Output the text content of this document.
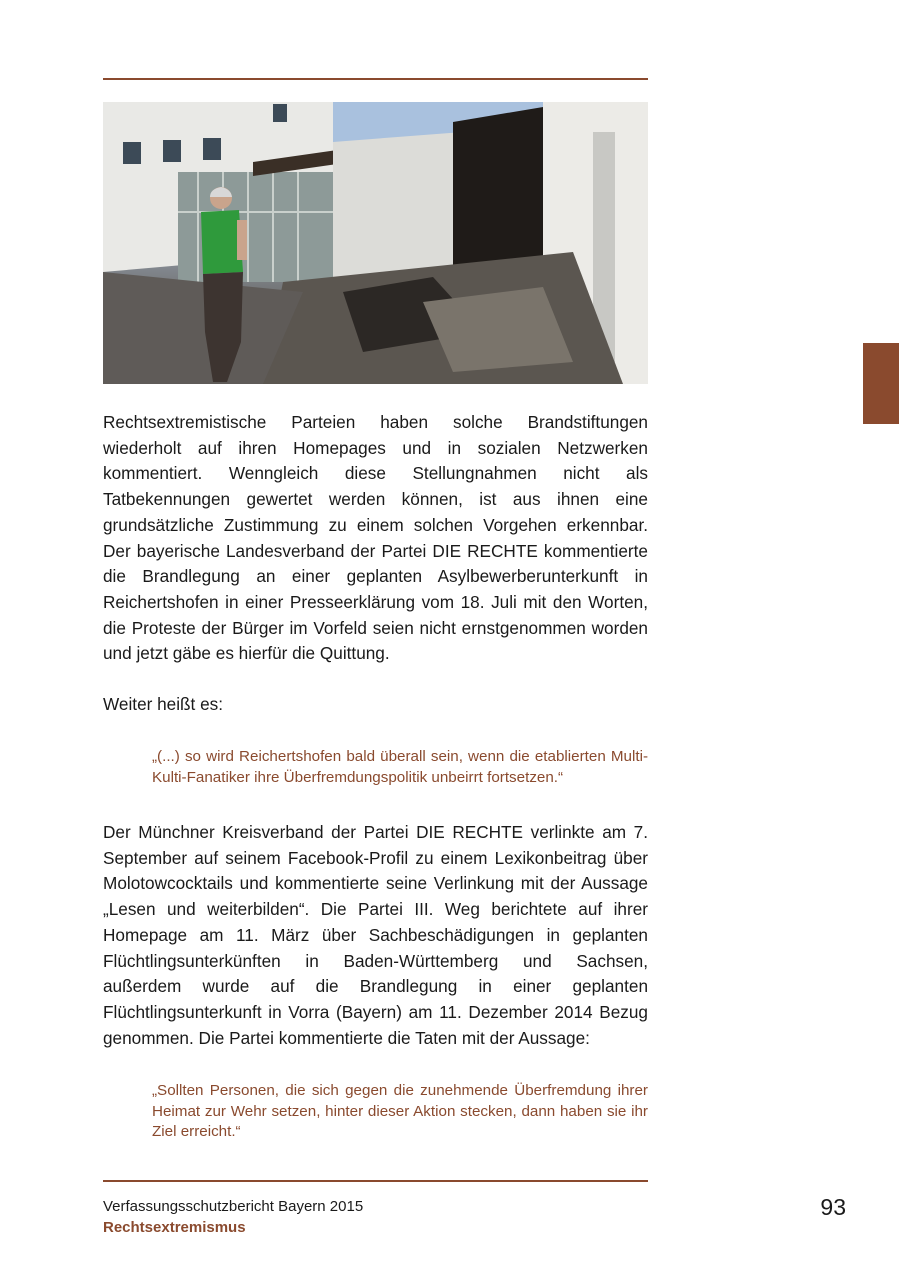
Rechtsextremistische Parteien haben solche Brandstiftungen wiederholt auf ihren Homepages und in sozialen Netzwerken kommentiert. Wenngleich diese Stellungnahmen nicht als Tatbekennungen gewertet werden können, ist aus ihnen eine grundsätzliche Zustimmung zu einem solchen Vorgehen erkennbar. Der bayerische Landesverband der Partei DIE RECHTE kommentierte die Brandlegung an einer geplanten Asylbewerberunterkunft in Reichertshofen in einer Presseerklärung vom 18. Juli mit den Worten, die Proteste der Bürger im Vorfeld seien nicht ernstgenommen worden und jetzt gäbe es hierfür die Quittung.

Weiter heißt es:

„(...) so wird Reichertshofen bald überall sein, wenn die etablierten Multi-Kulti-Fanatiker ihre Überfremdungspolitik unbeirrt fortsetzen.“

Der Münchner Kreisverband der Partei DIE RECHTE verlinkte am 7. September auf seinem Facebook-Profil zu einem Lexikonbeitrag über Molotowcocktails und kommentierte seine Verlinkung mit der Aussage „Lesen und weiterbilden“. Die Partei III. Weg berichtete auf ihrer Homepage am 11. März über Sachbeschädigungen in geplanten Flüchtlingsunterkünften in Baden-Württemberg und Sachsen, außerdem wurde auf die Brandlegung in einer geplanten Flüchtlingsunterkunft in Vorra (Bayern) am 11. Dezember 2014 Bezug genommen. Die Partei kommentierte die Taten mit der Aussage:

„Sollten Personen, die sich gegen die zunehmende Überfremdung ihrer Heimat zur Wehr setzen, hinter dieser Aktion stecken, dann haben sie ihr Ziel erreicht.“
Verfassungsschutzbericht Bayern 2015
Rechtsextremismus
93
